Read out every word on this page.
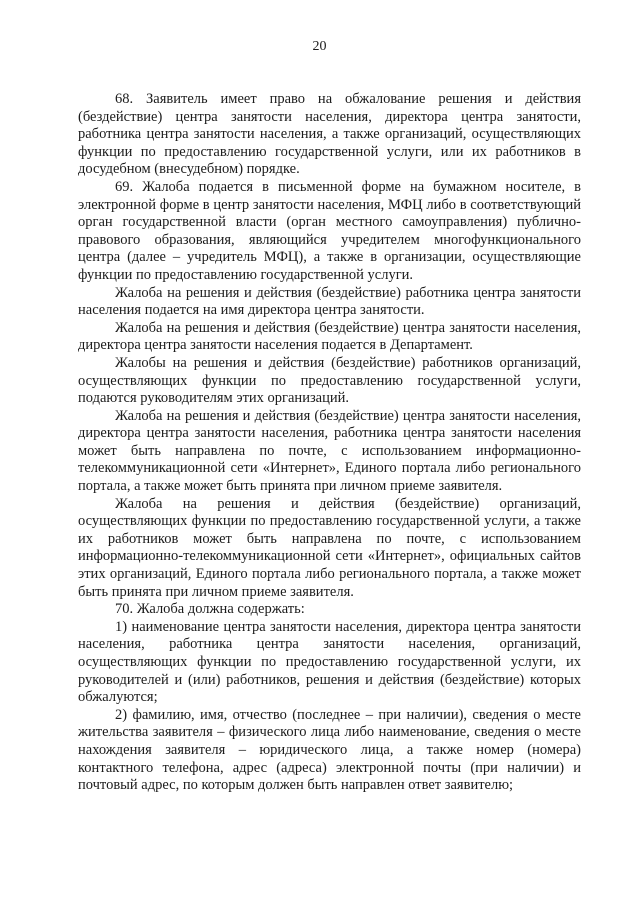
20

68. Заявитель имеет право на обжалование решения и действия (бездействие) центра занятости населения, директора центра занятости, работника центра занятости населения, а также организаций, осуществляющих функции по предоставлению государственной услуги, или их работников в досудебном (внесудебном) порядке.

69. Жалоба подается в письменной форме на бумажном носителе, в электронной форме в центр занятости населения, МФЦ либо в соответствующий орган государственной власти (орган местного самоуправления) публично-правового образования, являющийся учредителем многофункционального центра (далее – учредитель МФЦ), а также в организации, осуществляющие функции по предоставлению государственной услуги.

Жалоба на решения и действия (бездействие) работника центра занятости населения подается на имя директора центра занятости.

Жалоба на решения и действия (бездействие) центра занятости населения, директора центра занятости населения подается в Департамент.

Жалобы на решения и действия (бездействие) работников организаций, осуществляющих функции по предоставлению государственной услуги, подаются руководителям этих организаций.

Жалоба на решения и действия (бездействие) центра занятости населения, директора центра занятости населения, работника центра занятости населения может быть направлена по почте, с использованием информационно-телекоммуникационной сети «Интернет», Единого портала либо регионального портала, а также может быть принята при личном приеме заявителя.

Жалоба на решения и действия (бездействие) организаций, осуществляющих функции по предоставлению государственной услуги, а также их работников может быть направлена по почте, с использованием информационно-телекоммуникационной сети «Интернет», официальных сайтов этих организаций, Единого портала либо регионального портала, а также может быть принята при личном приеме заявителя.

70. Жалоба должна содержать:

1) наименование центра занятости населения, директора центра занятости населения, работника центра занятости населения, организаций, осуществляющих функции по предоставлению государственной услуги, их руководителей и (или) работников, решения и действия (бездействие) которых обжалуются;

2) фамилию, имя, отчество (последнее – при наличии), сведения о месте жительства заявителя – физического лица либо наименование, сведения о месте нахождения заявителя – юридического лица, а также номер (номера) контактного телефона, адрес (адреса) электронной почты (при наличии) и почтовый адрес, по которым должен быть направлен ответ заявителю;
